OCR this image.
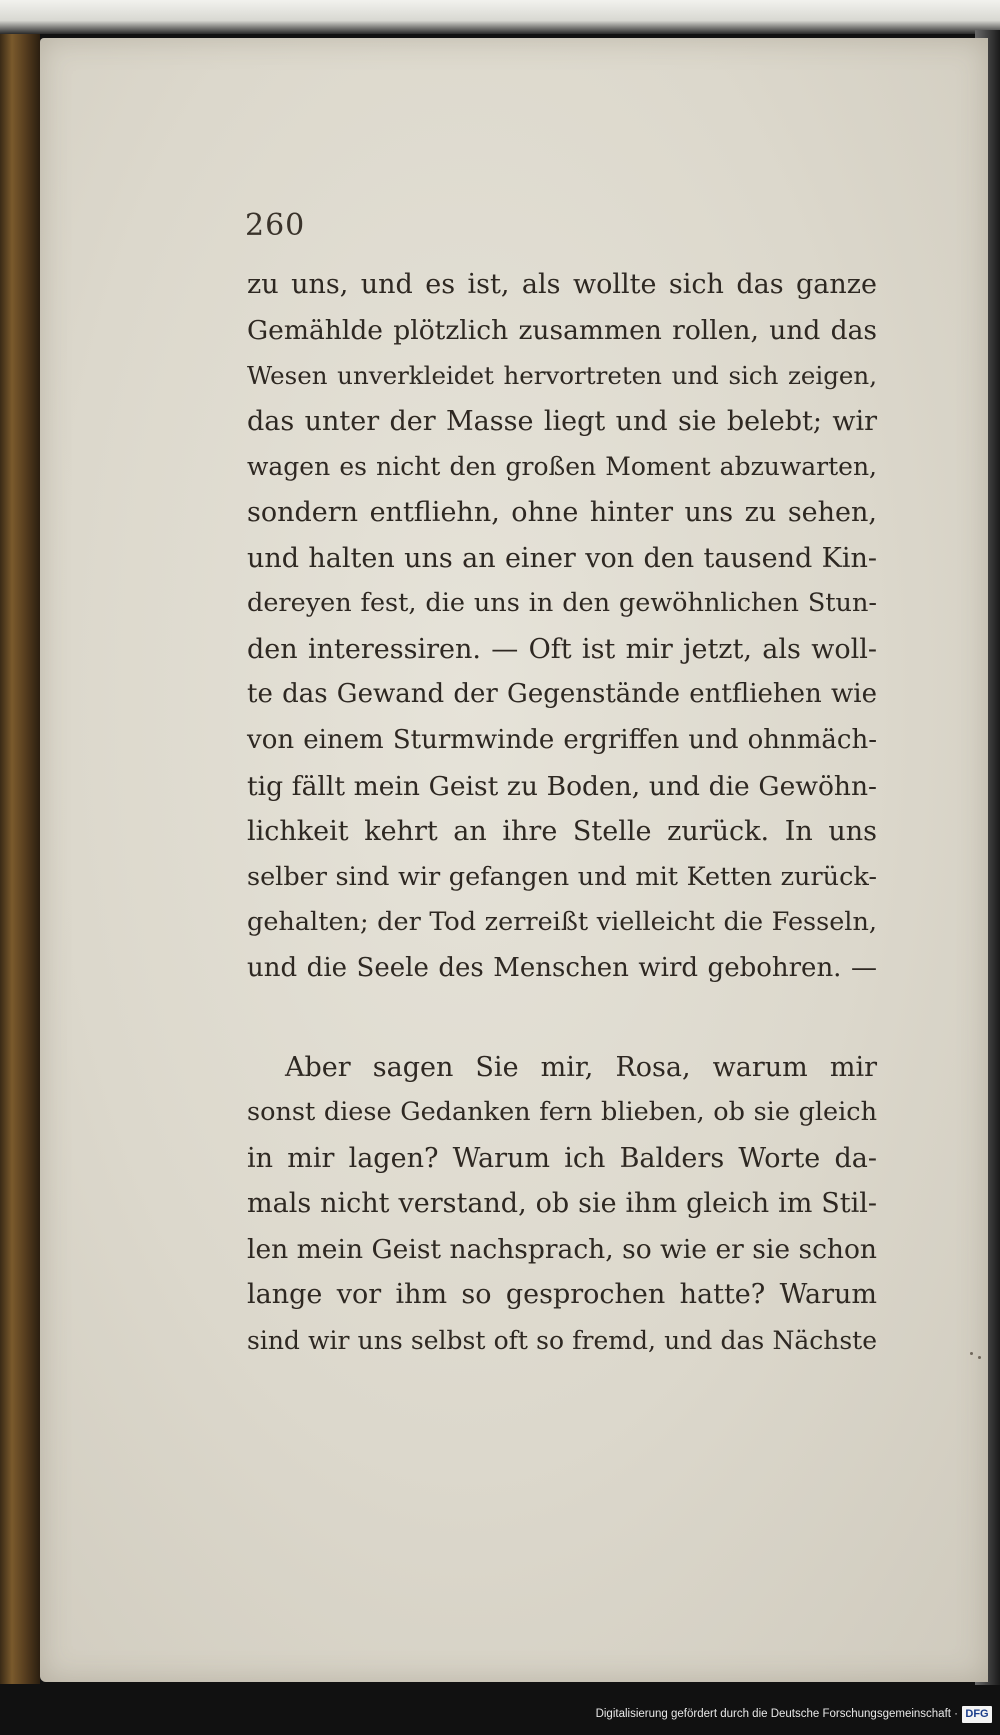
260
zu uns, und es ist, als wollte sich das ganze
Gemählde plötzlich zusammen rollen, und das
Wesen unverkleidet hervortreten und sich zeigen,
das unter der Masse liegt und sie belebt; wir
wagen es nicht den großen Moment abzuwarten,
sondern entfliehn, ohne hinter uns zu sehen,
und halten uns an einer von den tausend Kin-
dereyen fest, die uns in den gewöhnlichen Stun-
den interessiren. — Oft ist mir jetzt, als woll-
te das Gewand der Gegenstände entfliehen wie
von einem Sturmwinde ergriffen und ohnmäch-
tig fällt mein Geist zu Boden, und die Gewöhn-
lichkeit kehrt an ihre Stelle zurück. In uns
selber sind wir gefangen und mit Ketten zurück-
gehalten; der Tod zerreißt vielleicht die Fesseln,
und die Seele des Menschen wird gebohren. —
Aber sagen Sie mir, Rosa, warum mir
sonst diese Gedanken fern blieben, ob sie gleich
in mir lagen? Warum ich Balders Worte da-
mals nicht verstand, ob sie ihm gleich im Stil-
len mein Geist nachsprach, so wie er sie schon
lange vor ihm so gesprochen hatte? Warum
sind wir uns selbst oft so fremd, und das Nächste
Digitalisierung gefördert durch die Deutsche Forschungsgemeinschaft · DFG
